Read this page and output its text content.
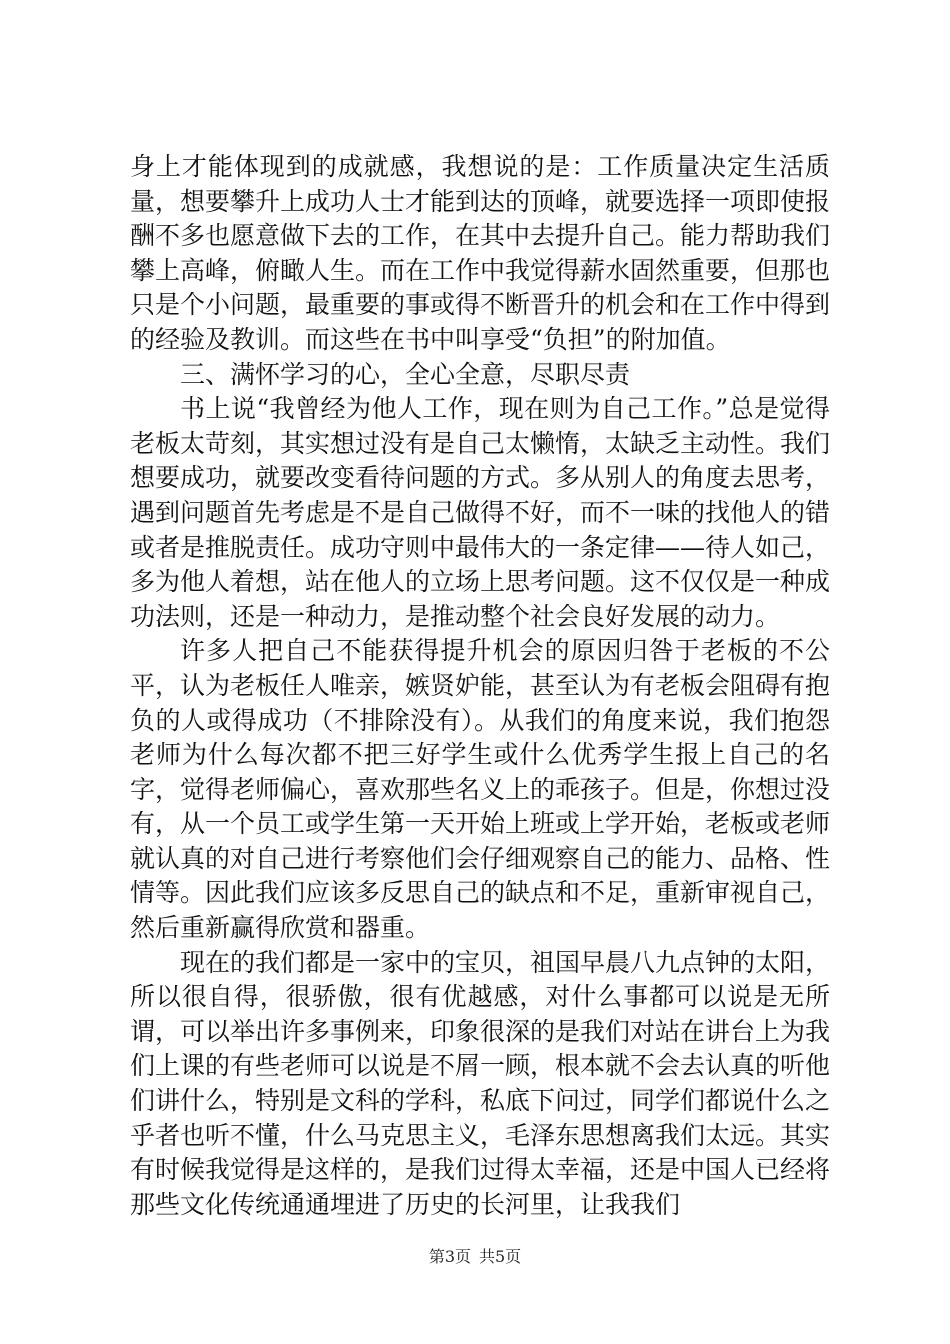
身上才能体现到的成就感，我想说的是：工作质量决定生活质量，想要攀升上成功人士才能到达的顶峰，就要选择一项即使报酬不多也愿意做下去的工作，在其中去提升自己。能力帮助我们攀上高峰，俯瞰人生。而在工作中我觉得薪水固然重要，但那也只是个小问题，最重要的事或得不断晋升的机会和在工作中得到的经验及教训。而这些在书中叫享受“负担”的附加值。

三、满怀学习的心，全心全意，尽职尽责

书上说“我曾经为他人工作，现在则为自己工作。”总是觉得老板太苛刻，其实想过没有是自己太懒惰，太缺乏主动性。我们想要成功，就要改变看待问题的方式。多从别人的角度去思考，遇到问题首先考虑是不是自己做得不好，而不一味的找他人的错或者是推脱责任。成功守则中最伟大的一条定律——待人如己，多为他人着想，站在他人的立场上思考问题。这不仅仅是一种成功法则，还是一种动力，是推动整个社会良好发展的动力。

许多人把自己不能获得提升机会的原因归咎于老板的不公平，认为老板任人唯亲，嫉贤妒能，甚至认为有老板会阻碍有抱负的人或得成功（不排除没有）。从我们的角度来说，我们抱怨老师为什么每次都不把三好学生或什么优秀学生报上自己的名字，觉得老师偏心，喜欢那些名义上的乖孩子。但是，你想过没有，从一个员工或学生第一天开始上班或上学开始，老板或老师就认真的对自己进行考察他们会仔细观察自己的能力、品格、性情等。因此我们应该多反思自己的缺点和不足，重新审视自己，然后重新赢得欣赏和器重。

现在的我们都是一家中的宝贝，祖国早晨八九点钟的太阳，所以很自得，很骄傲，很有优越感，对什么事都可以说是无所谓，可以举出许多事例来，印象很深的是我们对站在讲台上为我们上课的有些老师可以说是不屑一顾，根本就不会去认真的听他们讲什么，特别是文科的学科，私底下问过，同学们都说什么之乎者也听不懂，什么马克思主义，毛泽东思想离我们太远。其实有时候我觉得是这样的，是我们过得太幸福，还是中国人已经将那些文化传统通通埋进了历史的长河里，让我我们

第3页 共5页
